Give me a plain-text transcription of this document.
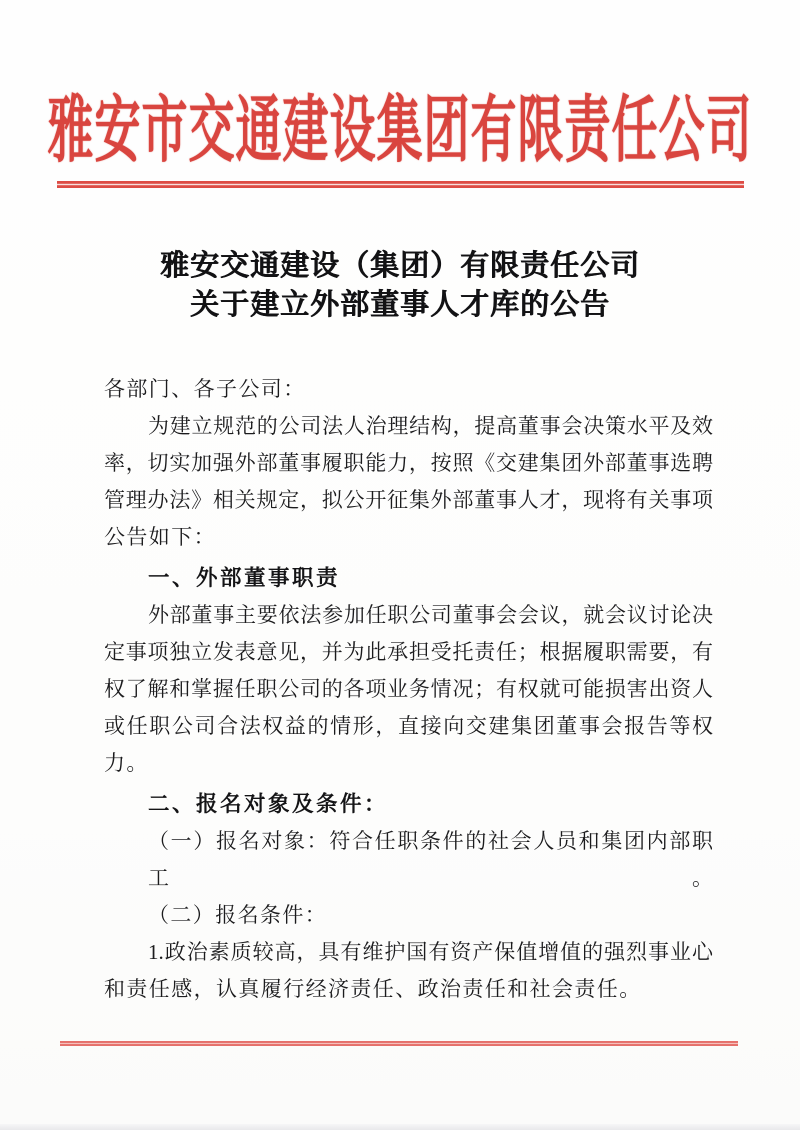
雅安市交通建设集团有限责任公司
雅安交通建设（集团）有限责任公司
关于建立外部董事人才库的公告
各部门、各子公司：
为建立规范的公司法人治理结构，提高董事会决策水平及效
率，切实加强外部董事履职能力，按照《交建集团外部董事选聘
管理办法》相关规定，拟公开征集外部董事人才，现将有关事项
公告如下：
一、外部董事职责
外部董事主要依法参加任职公司董事会会议，就会议讨论决
定事项独立发表意见，并为此承担受托责任；根据履职需要，有
权了解和掌握任职公司的各项业务情况；有权就可能损害出资人
或任职公司合法权益的情形，直接向交建集团董事会报告等权
力。
二、报名对象及条件：
（一）报名对象：符合任职条件的社会人员和集团内部职工。
（二）报名条件：
1.政治素质较高，具有维护国有资产保值增值的强烈事业心
和责任感，认真履行经济责任、政治责任和社会责任。
